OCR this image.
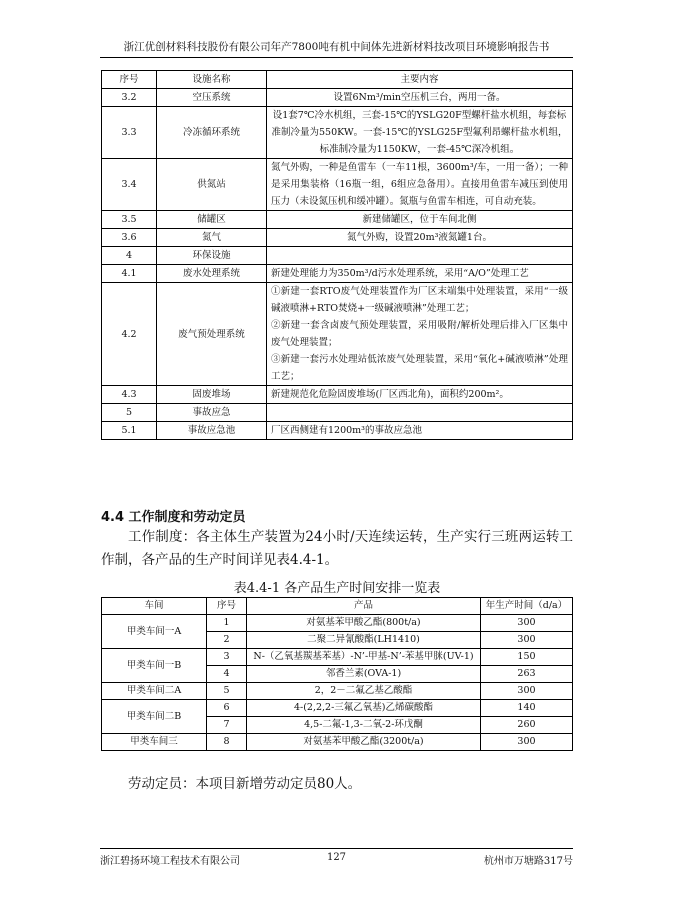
浙江优创材料科技股份有限公司年产7800吨有机中间体先进新材料技改项目环境影响报告书
序号	设施名称	主要内容
3.2	空压系统	设置6Nm³/min空压机三台，两用一备。
3.3	冷冻循环系统	设1套7℃冷水机组，三套-15℃的YSLG20F型螺杆盐水机组，每套标准制冷量为550KW。一套-15℃的YSLG25F型氟利昂螺杆盐水机组，标准制冷量为1150KW，一套-45℃深冷机组。
3.4	供氮站	氮气外购，一种是鱼雷车（一车11根，3600m³/车，一用一备）；一种是采用集装格（16瓶一组，6组应急备用）。直接用鱼雷车减压到使用压力（未设氮压机和缓冲罐）。氮瓶与鱼雷车相连，可自动充装。
3.5	储罐区	新建储罐区，位于车间北侧
3.6	氮气	氮气外购，设置20m³液氮罐1台。
4	环保设施	
4.1	废水处理系统	新建处理能力为350m³/d污水处理系统，采用“A/O”处理工艺
4.2	废气预处理系统	①新建一套RTO废气处理装置作为厂区末端集中处理装置，采用“一级碱液喷淋+RTO焚烧+一级碱液喷淋”处理工艺；
②新建一套含卤废气预处理装置，采用吸附/解析处理后排入厂区集中废气处理装置；
③新建一套污水处理站低浓废气处理装置，采用“氧化+碱液喷淋”处理工艺；

4.3	固废堆场	新建规范化危险固废堆场(厂区西北角)，面积约200m²。
5	事故应急	
5.1	事故应急池	厂区西侧建有1200m³的事故应急池
4.4 工作制度和劳动定员
工作制度：各主体生产装置为24小时/天连续运转，生产实行三班两运转工作制，各产品的生产时间详见表4.4-1。
表4.4-1 各产品生产时间安排一览表
车间	序号	产品	年生产时间（d/a）
甲类车间一A	1	对氨基苯甲酸乙酯(800t/a)	300
	2	二聚二异氰酸酯(LH1410)	300
甲类车间一B	3	N-（乙氧基羰基苯基）-N’-甲基-N’-苯基甲脒(UV-1)	150
	4	邻香兰素(OVA-1)	263
甲类车间二A	5	2，2－二氟乙基乙酸酯	300
甲类车间二B	6	4-(2,2,2-三氟乙氧基)乙烯碳酸酯	140
	7	4,5-二氟-1,3-二氧-2-环戊酮	260
甲类车间三	8	对氨基苯甲酸乙酯(3200t/a)	300
劳动定员：本项目新增劳动定员80人。
127
浙江碧扬环境工程技术有限公司	杭州市万塘路317号
